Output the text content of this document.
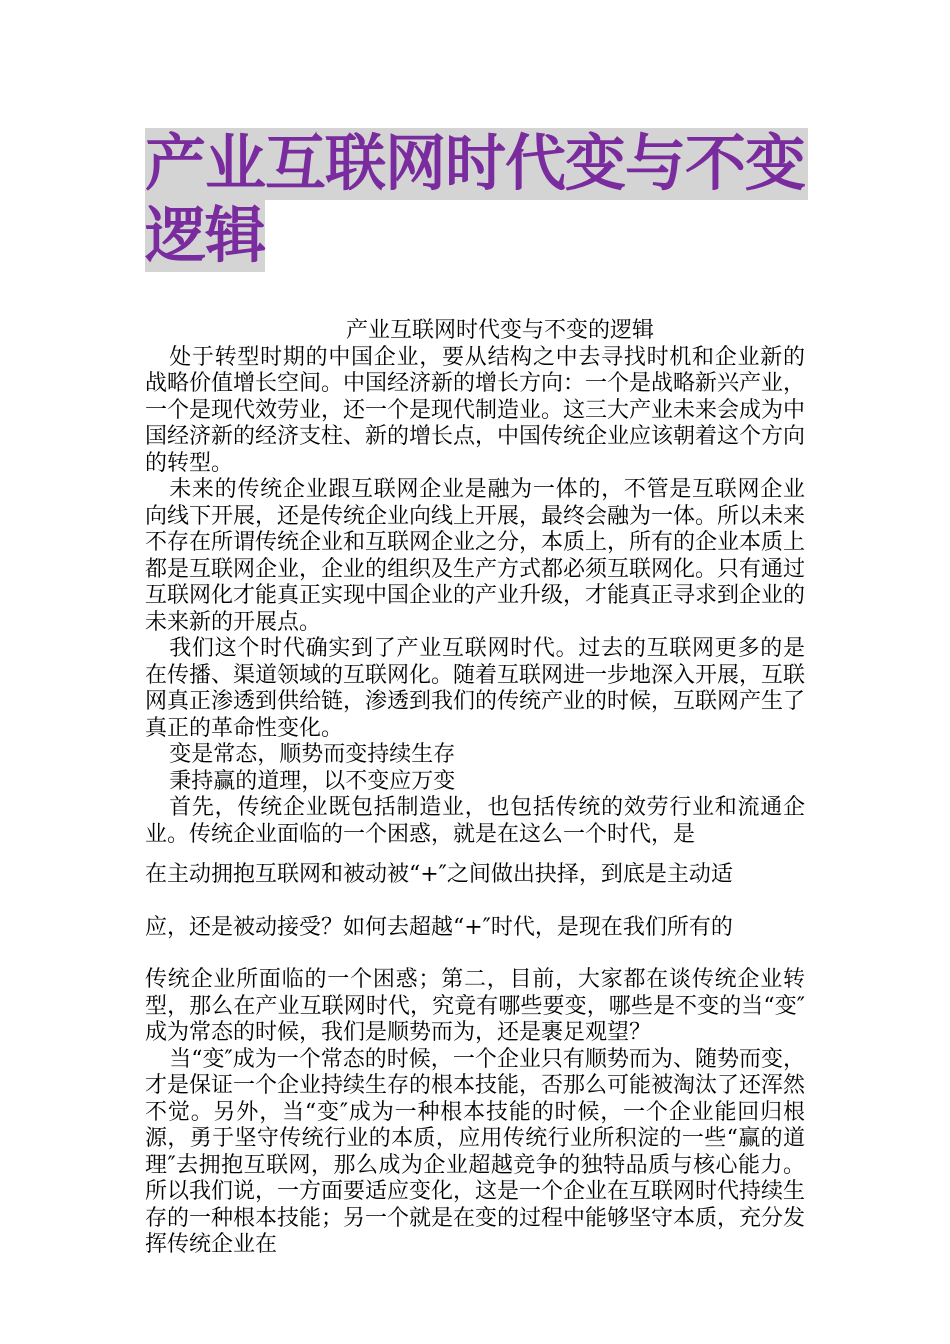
产业互联网时代变与不变
逻辑

产业互联网时代变与不变的逻辑

处于转型时期的中国企业，要从结构之中去寻找时机和企业新的战略价值增长空间。中国经济新的增长方向：一个是战略新兴产业，一个是现代效劳业，还一个是现代制造业。这三大产业未来会成为中国经济新的经济支柱、新的增长点，中国传统企业应该朝着这个方向的转型。

未来的传统企业跟互联网企业是融为一体的，不管是互联网企业向线下开展，还是传统企业向线上开展，最终会融为一体。所以未来不存在所谓传统企业和互联网企业之分，本质上，所有的企业本质上都是互联网企业，企业的组织及生产方式都必须互联网化。只有通过互联网化才能真正实现中国企业的产业升级，才能真正寻求到企业的未来新的开展点。

我们这个时代确实到了产业互联网时代。过去的互联网更多的是在传播、渠道领域的互联网化。随着互联网进一步地深入开展，互联网真正渗透到供给链，渗透到我们的传统产业的时候，互联网产生了真正的革命性变化。

变是常态，顺势而变持续生存

秉持赢的道理，以不变应万变

首先，传统企业既包括制造业，也包括传统的效劳行业和流通企业。传统企业面临的一个困惑，就是在这么一个时代，是

在主动拥抱互联网和被动被“+″之间做出抉择，到底是主动适

应，还是被动接受？如何去超越“+″时代，是现在我们所有的

传统企业所面临的一个困惑；第二，目前，大家都在谈传统企业转型，那么在产业互联网时代，究竟有哪些要变，哪些是不变的当“变″成为常态的时候，我们是顺势而为，还是裹足观望？

当“变″成为一个常态的时候，一个企业只有顺势而为、随势而变，才是保证一个企业持续生存的根本技能，否那么可能被淘汰了还浑然不觉。另外，当“变″成为一种根本技能的时候，一个企业能回归根源，勇于坚守传统行业的本质，应用传统行业所积淀的一些“赢的道理″去拥抱互联网，那么成为企业超越竞争的独特品质与核心能力。所以我们说，一方面要适应变化，这是一个企业在互联网时代持续生存的一种根本技能；另一个就是在变的过程中能够坚守本质，充分发挥传统企业在
